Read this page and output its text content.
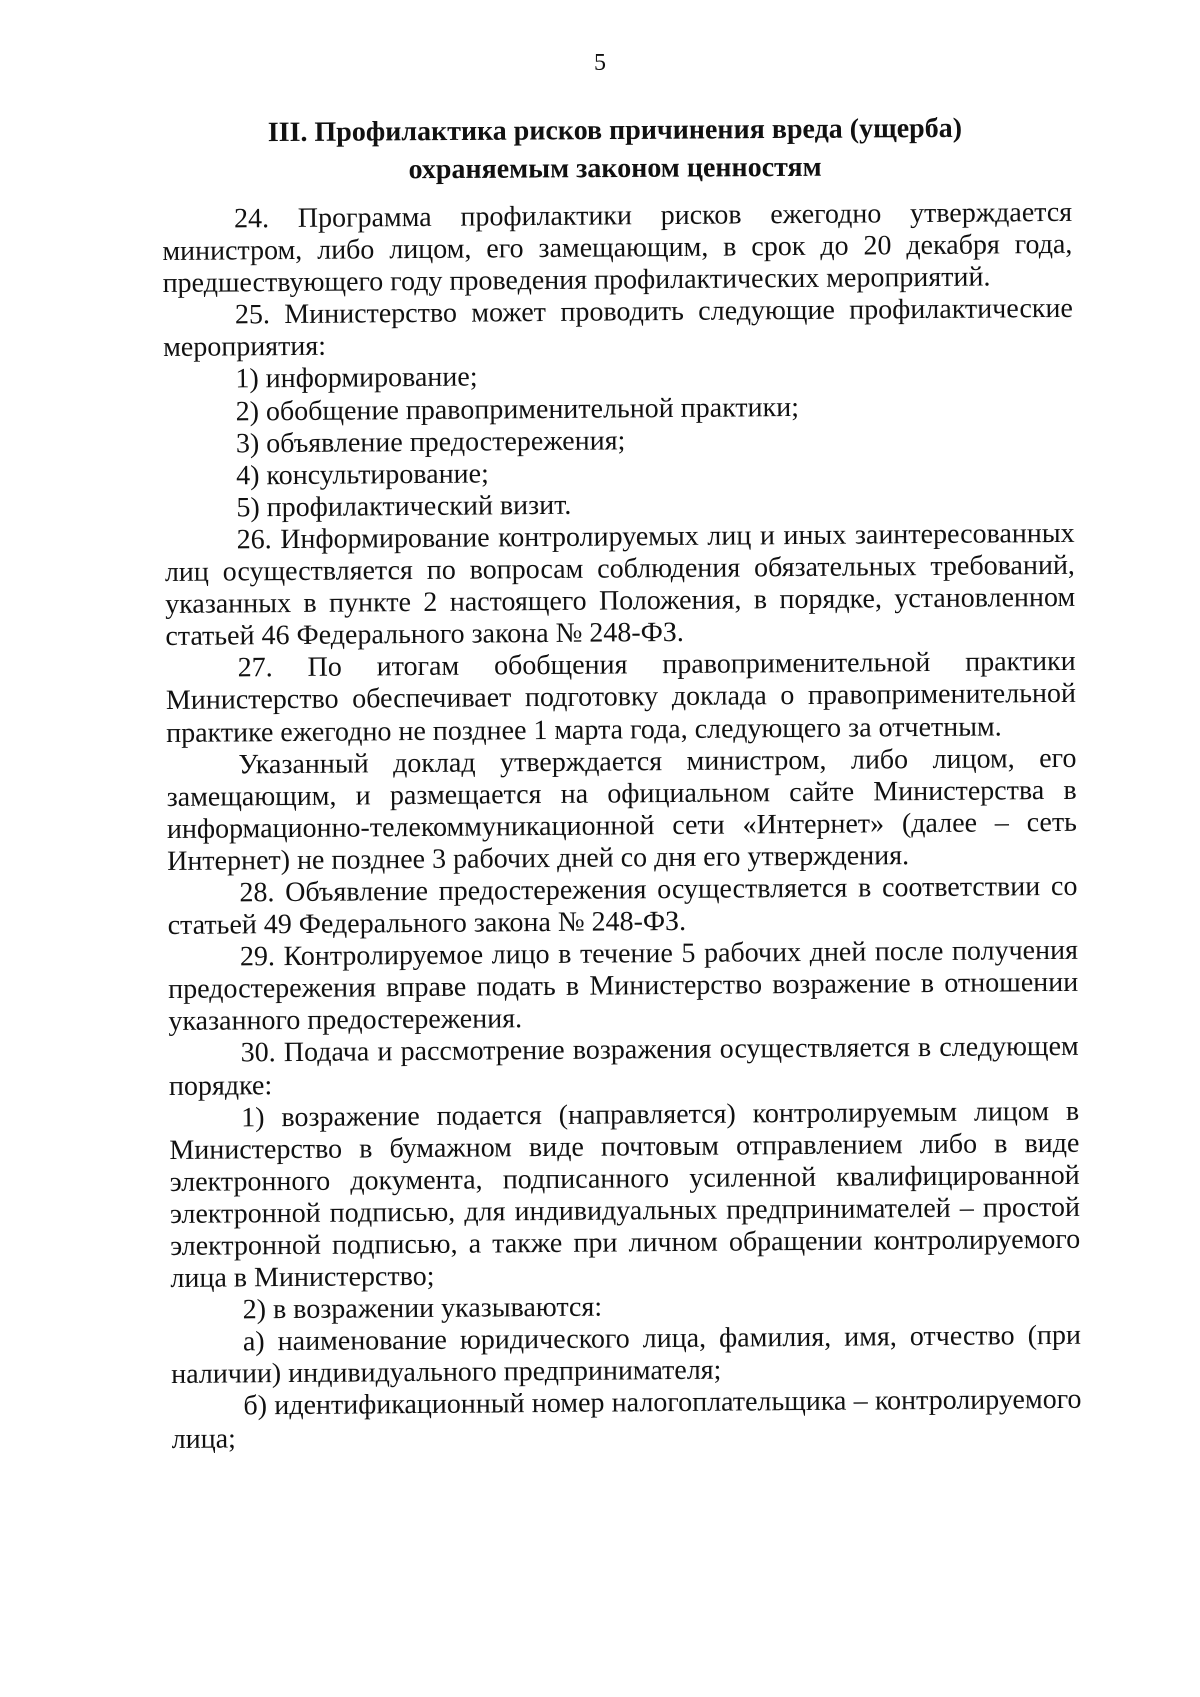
5
III. Профилактика рисков причинения вреда (ущерба)
охраняемым законом ценностям

24. Программа профилактики рисков ежегодно утверждается министром, либо лицом, его замещающим, в срок до 20 декабря года, предшествующего году проведения профилактических мероприятий.

25. Министерство может проводить следующие профилактические мероприятия:

1) информирование;

2) обобщение правоприменительной практики;

3) объявление предостережения;

4) консультирование;

5) профилактический визит.

26. Информирование контролируемых лиц и иных заинтересованных лиц осуществляется по вопросам соблюдения обязательных требований, указанных в пункте 2 настоящего Положения, в порядке, установленном статьей 46 Федерального закона № 248-ФЗ.

27. По итогам обобщения правоприменительной практики Министерство обеспечивает подготовку доклада о правоприменительной практике ежегодно не позднее 1 марта года, следующего за отчетным.

Указанный доклад утверждается министром, либо лицом, его замещающим, и размещается на официальном сайте Министерства в информационно-телекоммуникационной сети «Интернет» (далее – сеть Интернет) не позднее 3 рабочих дней со дня его утверждения.

28. Объявление предостережения осуществляется в соответствии со статьей 49 Федерального закона № 248-ФЗ.

29. Контролируемое лицо в течение 5 рабочих дней после получения предостережения вправе подать в Министерство возражение в отношении указанного предостережения.

30. Подача и рассмотрение возражения осуществляется в следующем порядке:

1) возражение подается (направляется) контролируемым лицом в Министерство в бумажном виде почтовым отправлением либо в виде электронного документа, подписанного усиленной квалифицированной электронной подписью, для индивидуальных предпринимателей – простой электронной подписью, а также при личном обращении контролируемого лица в Министерство;

2) в возражении указываются:

а) наименование юридического лица, фамилия, имя, отчество (при наличии) индивидуального предпринимателя;

б) идентификационный номер налогоплательщика – контролируемого лица;
